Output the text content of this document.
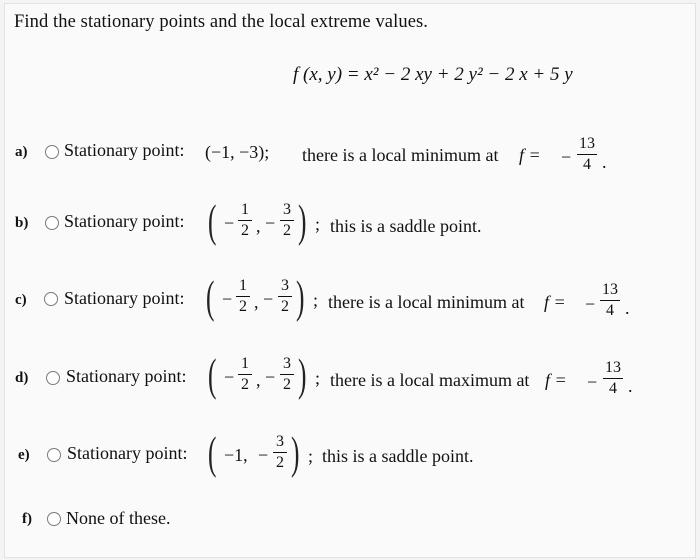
Find the stationary points and the local extreme values.
f (x, y) = x² − 2 xy + 2 y² − 2 x + 5 y
a) Stationary point: (−1, −3); there is a local minimum at f = −
13
4 .
b) Stationary point: ( −
1
2 , −
3
2 ) ; this is a saddle point.
c) Stationary point: ( −
1
2 , −
3
2 ) ; there is a local minimum at f = −
13
4 .
d) Stationary point: ( −
1
2 , −
3
2 ) ; there is a local maximum at f = −
13
4 .
e) Stationary point: ( −1, −
3
2 ) ; this is a saddle point.
f) None of these.
